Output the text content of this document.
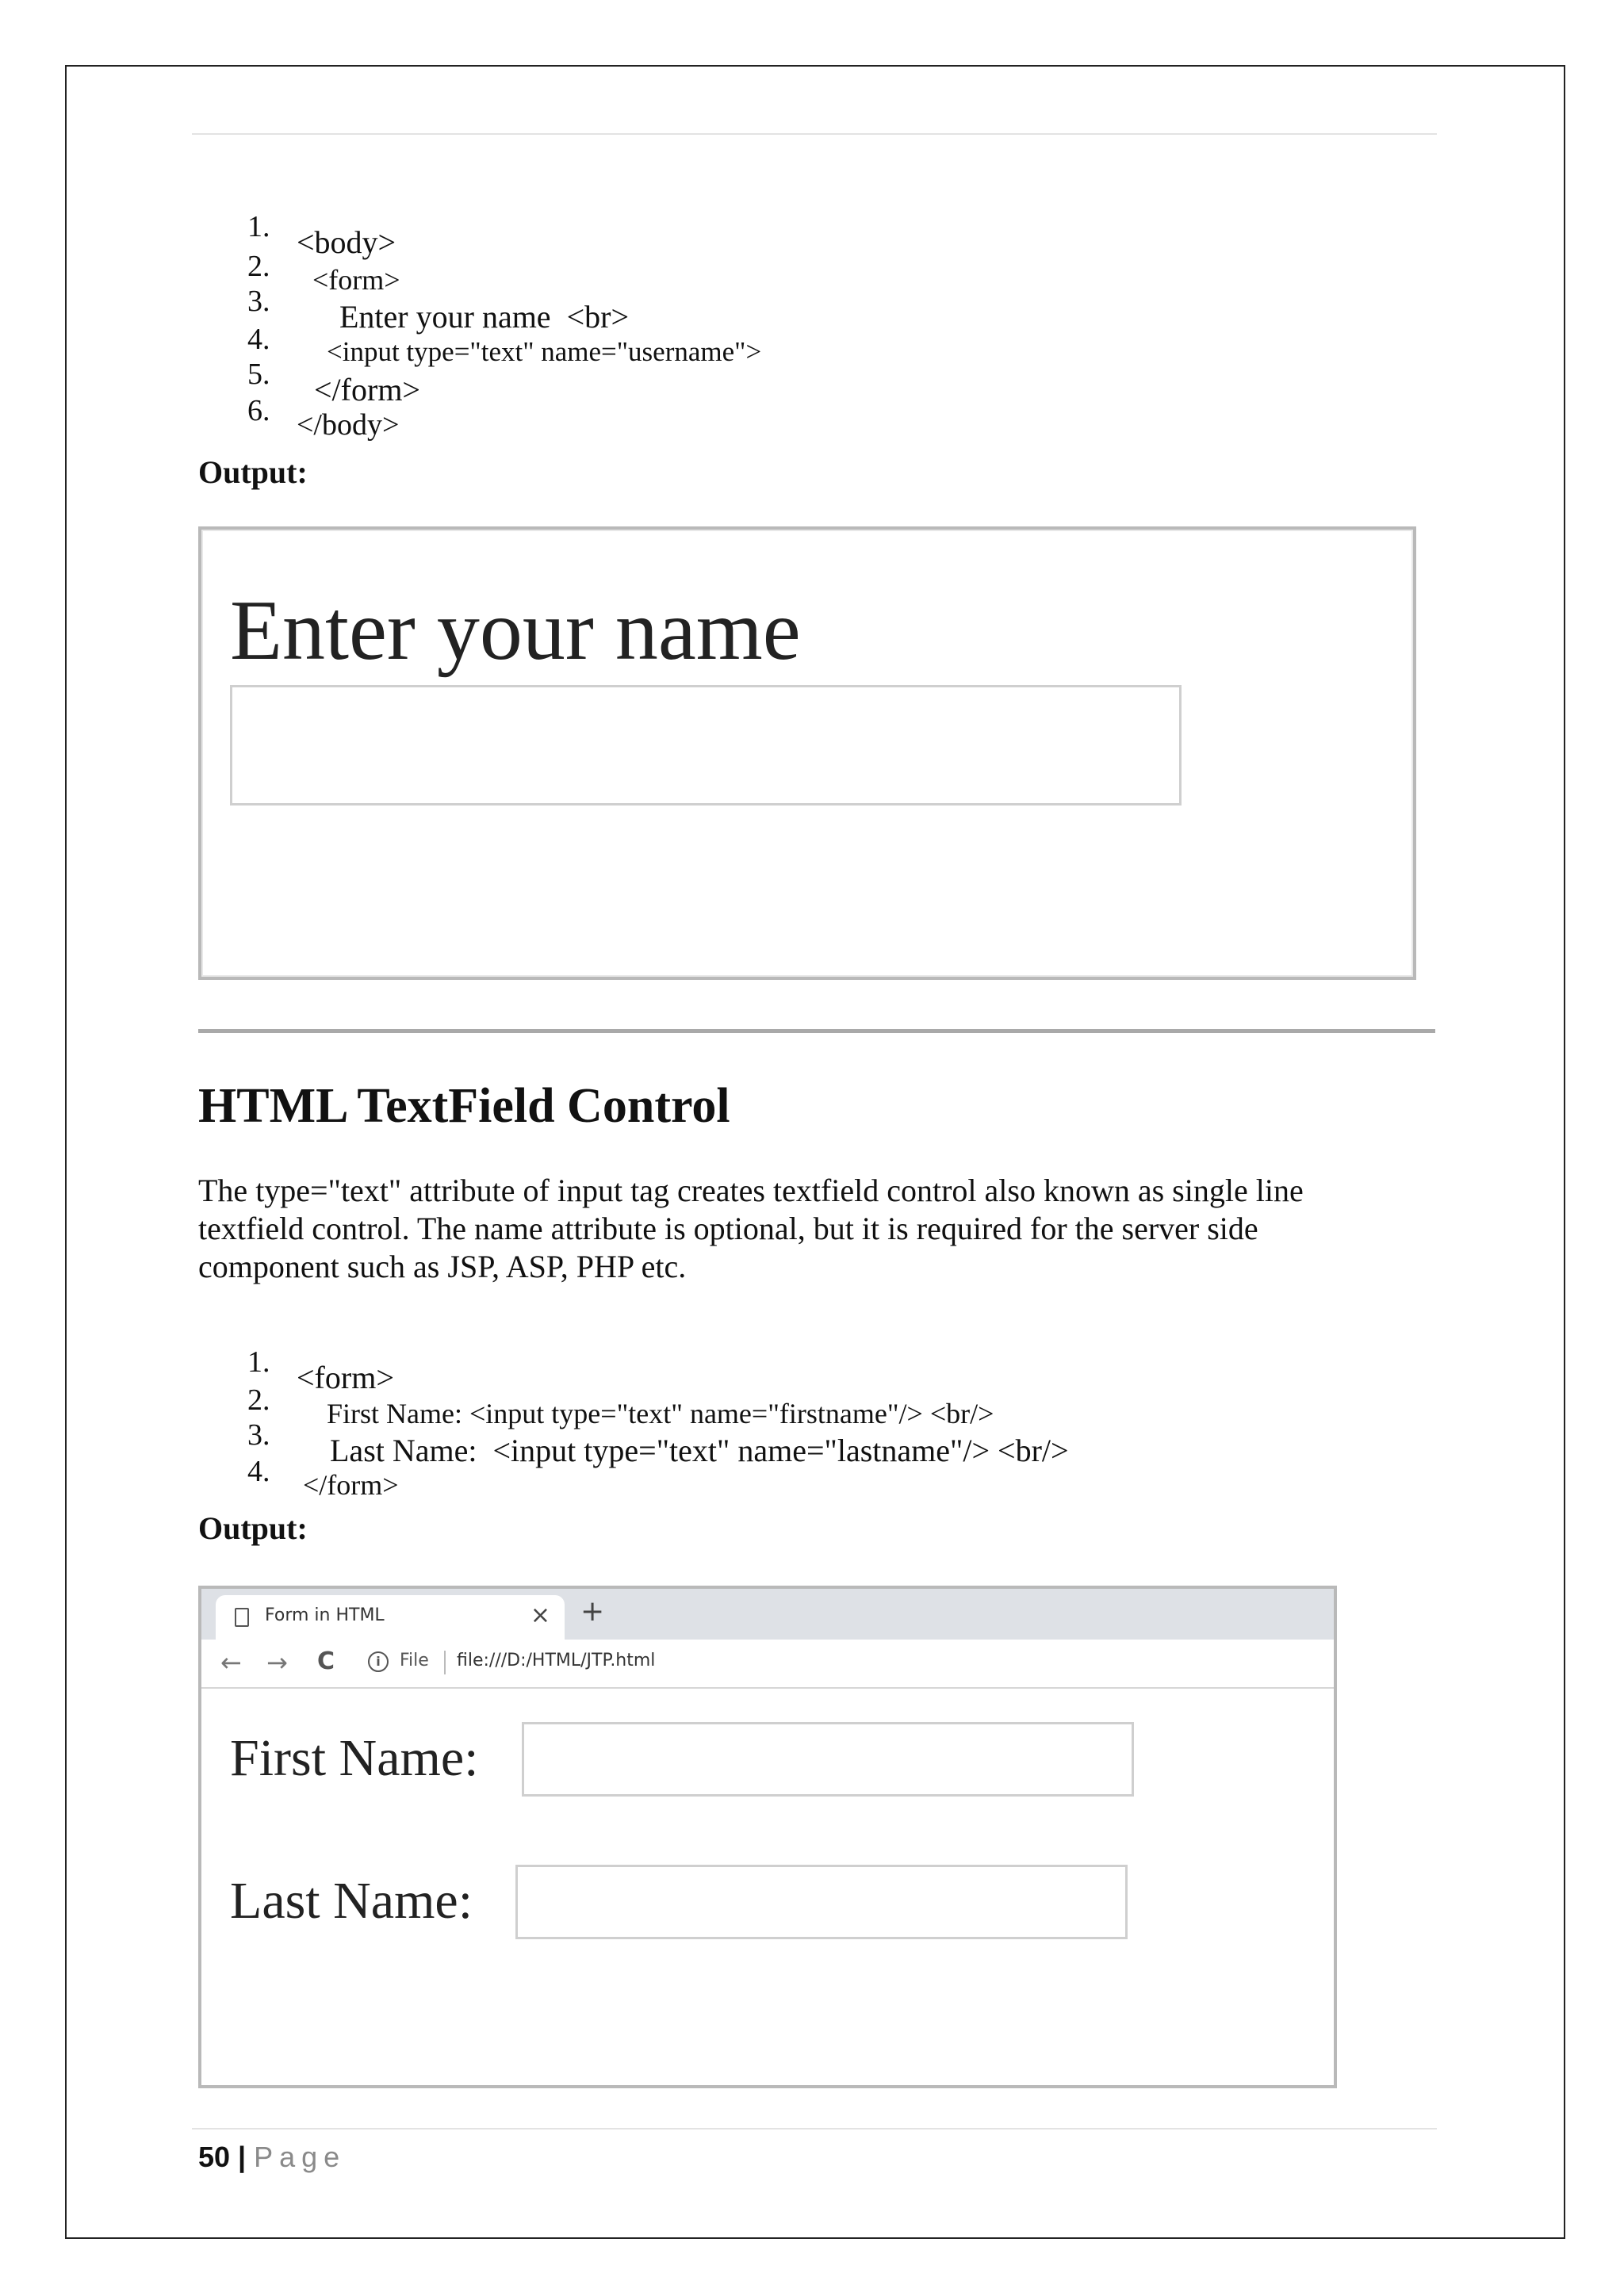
1.

<body>

2.

<form>

3.

Enter your name  <br>

4.

<input type="text" name="username">

5.

</form>

6.

</body>

Output:
Enter your name
HTML TextField Control
The type="text" attribute of input tag creates textfield control also known as single line
textfield control. The name attribute is optional, but it is required for the server side
component such as JSP, ASP, PHP etc.

1.

<form>

2.

First Name: <input type="text" name="firstname"/> <br/>

3.

Last Name:  <input type="text" name="lastname"/> <br/>

4.

</form>

Output:
Form in HTML	× +
← → C	i	File file:///D:/HTML/JTP.html
First Name:
Last Name:
50 | Page
